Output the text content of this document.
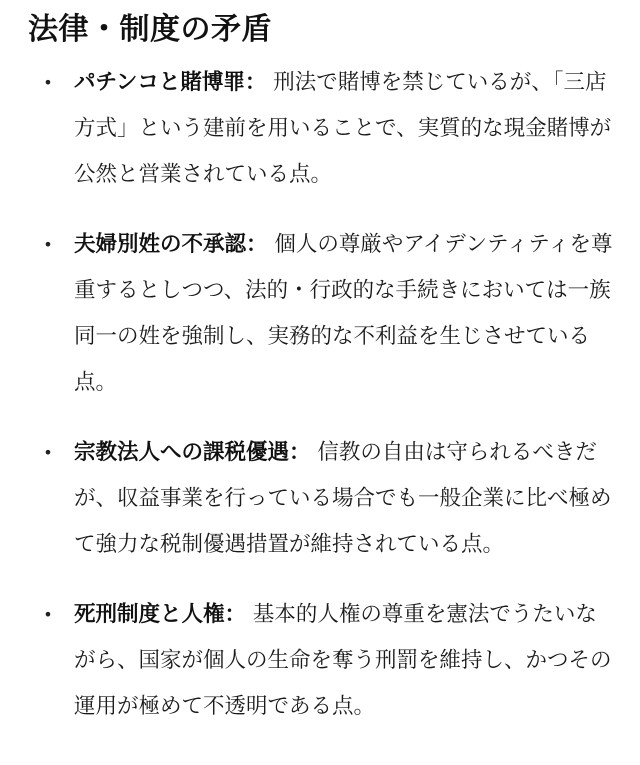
法律・制度の矛盾
• パチンコと賭博罪： 刑法で賭博を禁じているが、「三店方式」という建前を用いることで、実質的な現金賭博が公然と営業されている点。
• 夫婦別姓の不承認： 個人の尊厳やアイデンティティを尊重するとしつつ、法的・行政的な手続きにおいては一族同一の姓を強制し、実務的な不利益を生じさせている点。
• 宗教法人への課税優遇： 信教の自由は守られるべきだが、収益事業を行っている場合でも一般企業に比べ極めて強力な税制優遇措置が維持されている点。
• 死刑制度と人権： 基本的人権の尊重を憲法でうたいながら、国家が個人の生命を奪う刑罰を維持し、かつその運用が極めて不透明である点。
